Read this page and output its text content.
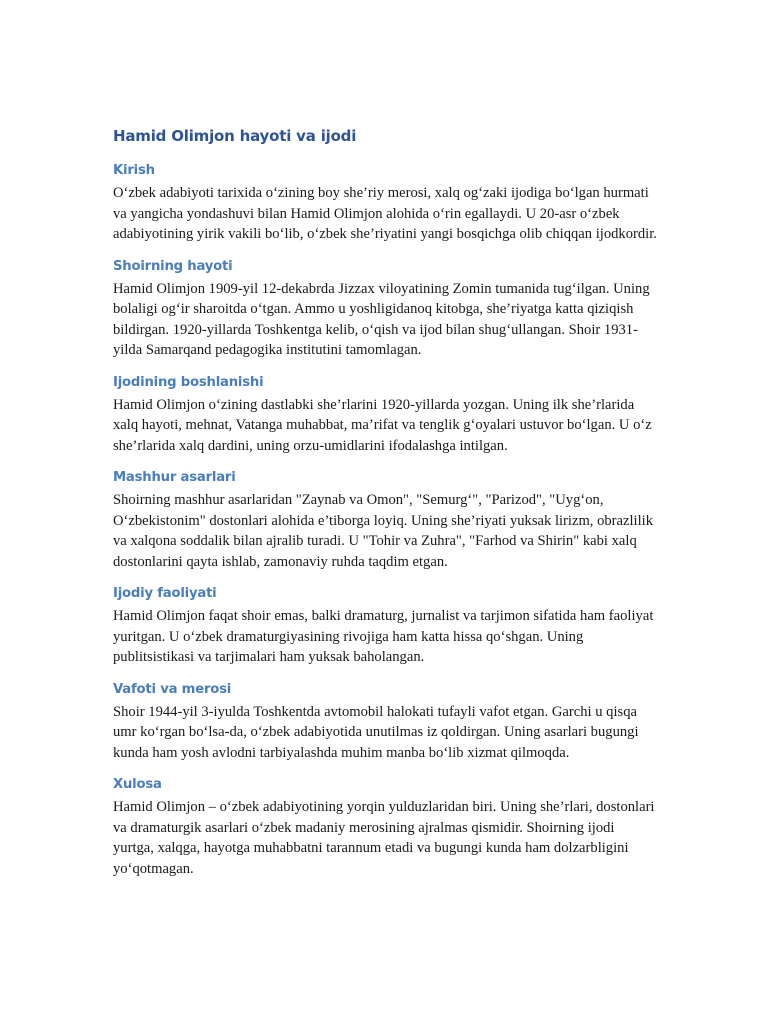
Hamid Olimjon hayoti va ijodi
Kirish

O‘zbek adabiyoti tarixida o‘zining boy she’riy merosi, xalq og‘zaki ijodiga bo‘lgan hurmati va yangicha yondashuvi bilan Hamid Olimjon alohida o‘rin egallaydi. U 20-asr o‘zbek adabiyotining yirik vakili bo‘lib, o‘zbek she’riyatini yangi bosqichga olib chiqqan ijodkordir.

Shoirning hayoti

Hamid Olimjon 1909-yil 12-dekabrda Jizzax viloyatining Zomin tumanida tug‘ilgan. Uning bolaligi og‘ir sharoitda o‘tgan. Ammo u yoshligidanoq kitobga, she’riyatga katta qiziqish bildirgan. 1920-yillarda Toshkentga kelib, o‘qish va ijod bilan shug‘ullangan. Shoir 1931-yilda Samarqand pedagogika institutini tamomlagan.

Ijodining boshlanishi

Hamid Olimjon o‘zining dastlabki she’rlarini 1920-yillarda yozgan. Uning ilk she’rlarida xalq hayoti, mehnat, Vatanga muhabbat, ma’rifat va tenglik g‘oyalari ustuvor bo‘lgan. U o‘z she’rlarida xalq dardini, uning orzu-umidlarini ifodalashga intilgan.

Mashhur asarlari

Shoirning mashhur asarlaridan "Zaynab va Omon", "Semurg‘", "Parizod", "Uyg‘on, O‘zbekistonim" dostonlari alohida e’tiborga loyiq. Uning she’riyati yuksak lirizm, obrazlilik va xalqona soddalik bilan ajralib turadi. U "Tohir va Zuhra", "Farhod va Shirin" kabi xalq dostonlarini qayta ishlab, zamonaviy ruhda taqdim etgan.

Ijodiy faoliyati

Hamid Olimjon faqat shoir emas, balki dramaturg, jurnalist va tarjimon sifatida ham faoliyat yuritgan. U o‘zbek dramaturgiyasining rivojiga ham katta hissa qo‘shgan. Uning publitsistikasi va tarjimalari ham yuksak baholangan.

Vafoti va merosi

Shoir 1944-yil 3-iyulda Toshkentda avtomobil halokati tufayli vafot etgan. Garchi u qisqa umr ko‘rgan bo‘lsa-da, o‘zbek adabiyotida unutilmas iz qoldirgan. Uning asarlari bugungi kunda ham yosh avlodni tarbiyalashda muhim manba bo‘lib xizmat qilmoqda.

Xulosa

Hamid Olimjon – o‘zbek adabiyotining yorqin yulduzlaridan biri. Uning she’rlari, dostonlari va dramaturgik asarlari o‘zbek madaniy merosining ajralmas qismidir. Shoirning ijodi yurtga, xalqga, hayotga muhabbatni tarannum etadi va bugungi kunda ham dolzarbligini yo‘qotmagan.
